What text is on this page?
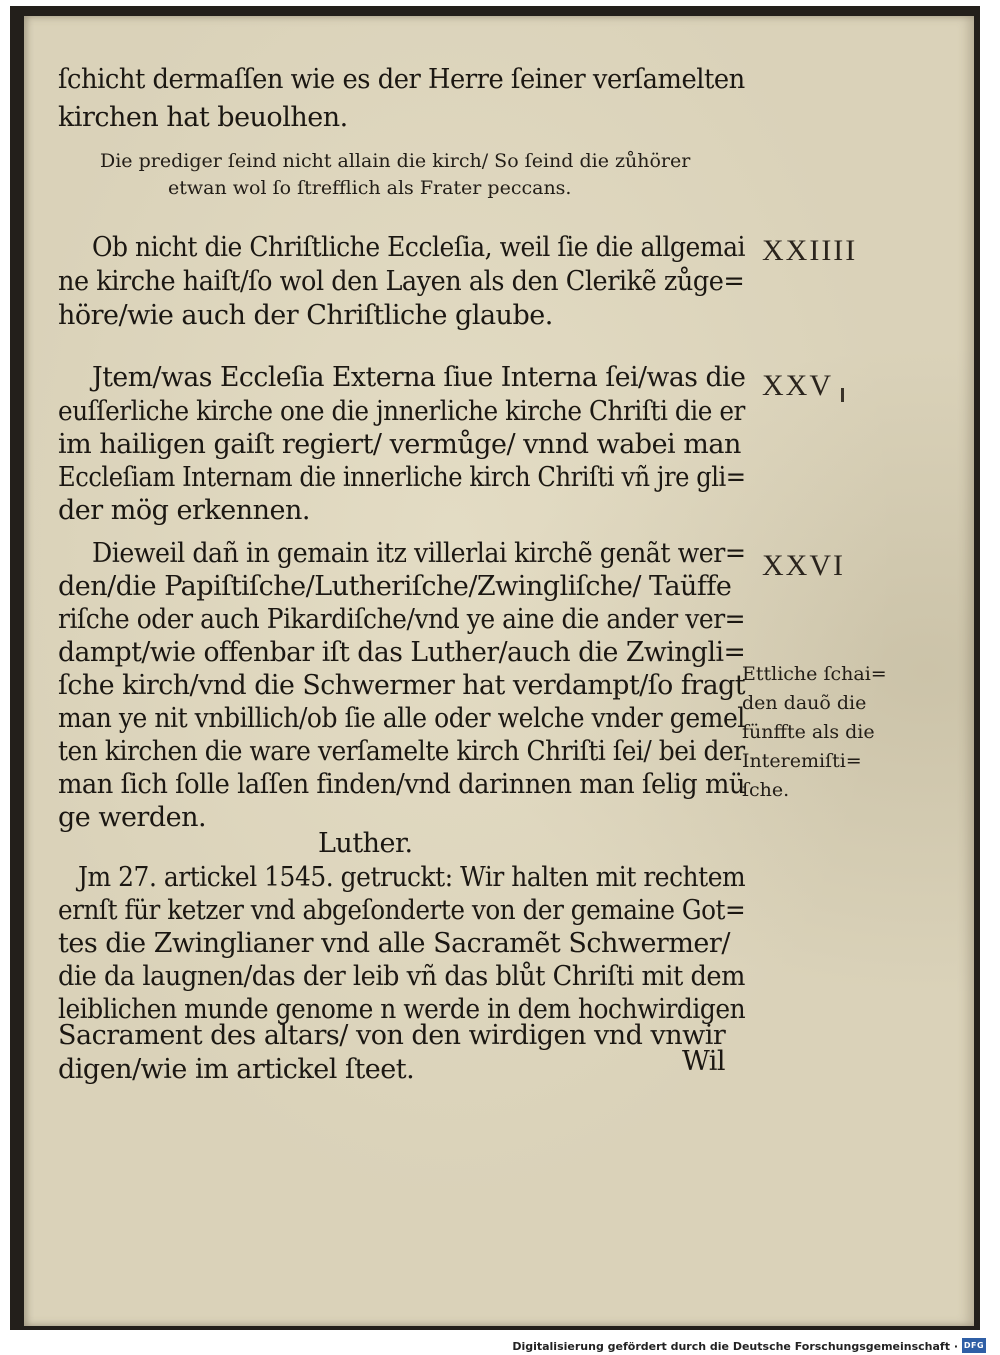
ſchicht dermaſſen wie es der Herre ſeiner verſamelten

kirchen hat beuolhen.

Die prediger ſeind nicht allain die kirch/ So ſeind die zůhörer

etwan wol ſo ſtrefflich als Frater peccans.

Ob nicht die Chriſtliche Eccleſia, weil ſie die allgemai

ne kirche haiſt/ſo wol den Layen als den Clerikẽ zůge=

höre/wie auch der Chriſtliche glaube.

XXIIII

Jtem/was Eccleſia Externa ſiue Interna ſei/was die

euſſerliche kirche one die jnnerliche kirche Chriſti die er

im hailigen gaiſt regiert/ vermůge/ vnnd wabei man

Eccleſiam Internam die innerliche kirch Chriſti vñ jre gli=

der mög erkennen.

XXV

Dieweil dañ in gemain itz villerlai kirchẽ genãt wer=

den/die Papiſtiſche/Lutheriſche/Zwingliſche/ Taüffe

riſche oder auch Pikardiſche/vnd ye aine die ander ver=

dampt/wie offenbar iſt das Luther/auch die Zwingli=

ſche kirch/vnd die Schwermer hat verdampt/ſo fragt

man ye nit vnbillich/ob ſie alle oder welche vnder gemel

ten kirchen die ware verſamelte kirch Chriſti ſei/ bei der

man ſich ſolle laſſen finden/vnd darinnen man ſelig mü

ge werden.

XXVI

Ettliche ſchai=
den dauõ die
fünffte als die
Interemiſti=
ſche.

Luther.

Jm 27. artickel 1545. getruckt: Wir halten mit rechtem

ernſt für ketzer vnd abgeſonderte von der gemaine Got=

tes die Zwinglianer vnd alle Sacramẽt Schwermer/

die da laugnen/das der leib vñ das blůt Chriſti mit dem

leiblichen munde genome n werde in dem hochwirdigen

Sacrament des altars/ von den wirdigen vnd vnwir

digen/wie im artickel ſteet.	Wil

Digitalisierung gefördert durch die Deutsche Forschungsgemeinschaft · DFG
